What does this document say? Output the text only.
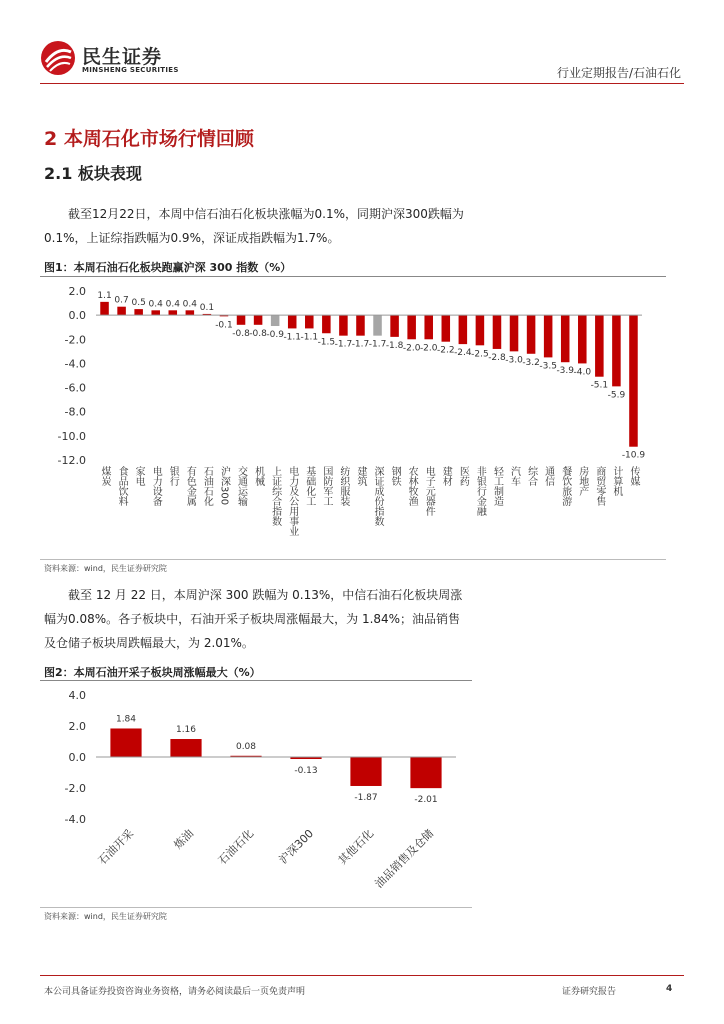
民生证券
MINSHENG SECURITIES	行业定期报告/石油石化
2 本周石化市场行情回顾
2.1 板块表现
截至12月22日，本周中信石油石化板块涨幅为0.1%，同期沪深300跌幅为0.1%，上证综指跌幅为0.9%，深证成指跌幅为1.7%。
图1：本周石油石化板块跑赢沪深 300 指数（%）
2.0
0.0
-2.0
-4.0
-6.0
-8.0
-10.0
-12.0
1.1
煤炭
0.7
食品饮料
0.5
家电
0.4
电力设备
0.4
银行
0.4
有色金属
0.1
石油石化
-0.1
沪深300
-0.8
交通运输
-0.8
机械
-0.9
上证综合指数
-1.1
电力及公用事业
-1.1
基础化工
-1.5
国防军工
-1.7
纺织服装
-1.7
建筑
-1.7
深证成份指数
-1.8
钢铁
-2.0
农林牧渔
-2.0
电子元器件
-2.2
建材
-2.4
医药
-2.5
非银行金融
-2.8
轻工制造
-3.0
汽车
-3.2
综合
-3.5
通信
-3.9
餐饮旅游
-4.0
房地产
-5.1
商贸零售
-5.9
计算机
-10.9
传媒
资料来源：wind，民生证券研究院
截至 12 月 22 日，本周沪深 300 跌幅为 0.13%，中信石油石化板块周涨幅为0.08%。各子板块中，石油开采子板块周涨幅最大，为 1.84%；油品销售及仓储子板块周跌幅最大，为 2.01%。
图2：本周石油开采子板块周涨幅最大（%）
4.0
2.0
0.0
-2.0
-4.0
1.84
石油开采
1.16
炼油
0.08
石油石化
-0.13
沪深300
-1.87
其他石化
-2.01
油品销售及仓储
资料来源：wind，民生证券研究院
本公司具备证券投资咨询业务资格，请务必阅读最后一页免责声明	证券研究报告	4
